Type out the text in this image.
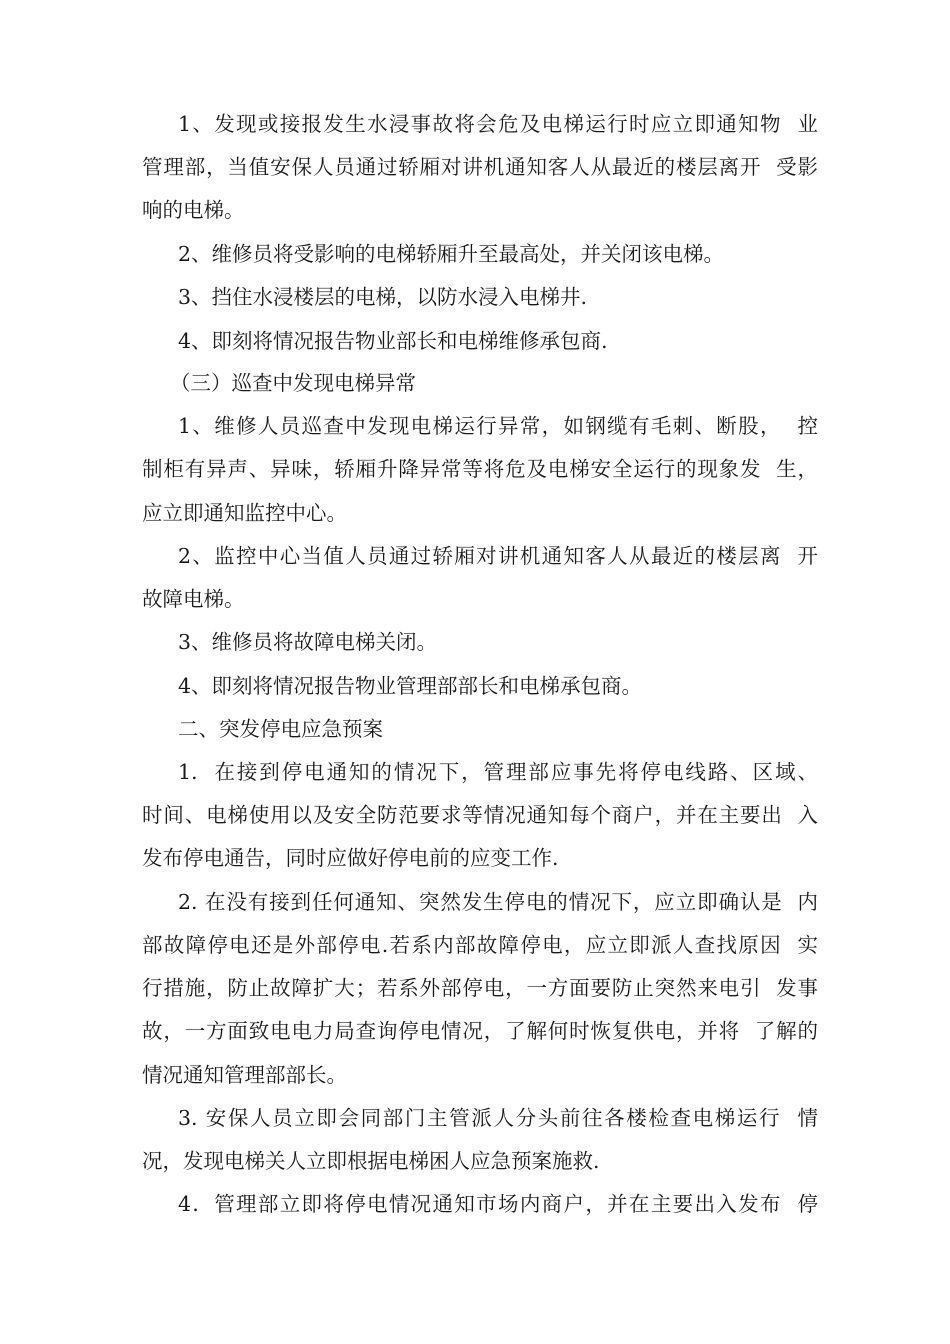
1、发现或接报发生水浸事故将会危及电梯运行时应立即通知物  业
管理部，当值安保人员通过轿厢对讲机通知客人从最近的楼层离开  受影
响的电梯。
2、维修员将受影响的电梯轿厢升至最高处，并关闭该电梯。
3、挡住水浸楼层的电梯，以防水浸入电梯井.
4、即刻将情况报告物业部长和电梯维修承包商.
（三）巡查中发现电梯异常
1、维修人员巡查中发现电梯运行异常，如钢缆有毛刺、断股，  控
制柜有异声、异味，轿厢升降异常等将危及电梯安全运行的现象发  生，
应立即通知监控中心。
2、监控中心当值人员通过轿厢对讲机通知客人从最近的楼层离  开
故障电梯。
3、维修员将故障电梯关闭。
4、即刻将情况报告物业管理部部长和电梯承包商。
二、突发停电应急预案
1.  在接到停电通知的情况下，管理部应事先将停电线路、区域、
时间、电梯使用以及安全防范要求等情况通知每个商户，并在主要出  入
发布停电通告，同时应做好停电前的应变工作.
2. 在没有接到任何通知、突然发生停电的情况下，应立即确认是  内
部故障停电还是外部停电.若系内部故障停电，应立即派人查找原因  实
行措施，防止故障扩大；若系外部停电，一方面要防止突然来电引  发事
故，一方面致电电力局查询停电情况，了解何时恢复供电，并将  了解的
情况通知管理部部长。
3. 安保人员立即会同部门主管派人分头前往各楼检查电梯运行  情
况，发现电梯关人立即根据电梯困人应急预案施救.
4．管理部立即将停电情况通知市场内商户，并在主要出入发布  停
